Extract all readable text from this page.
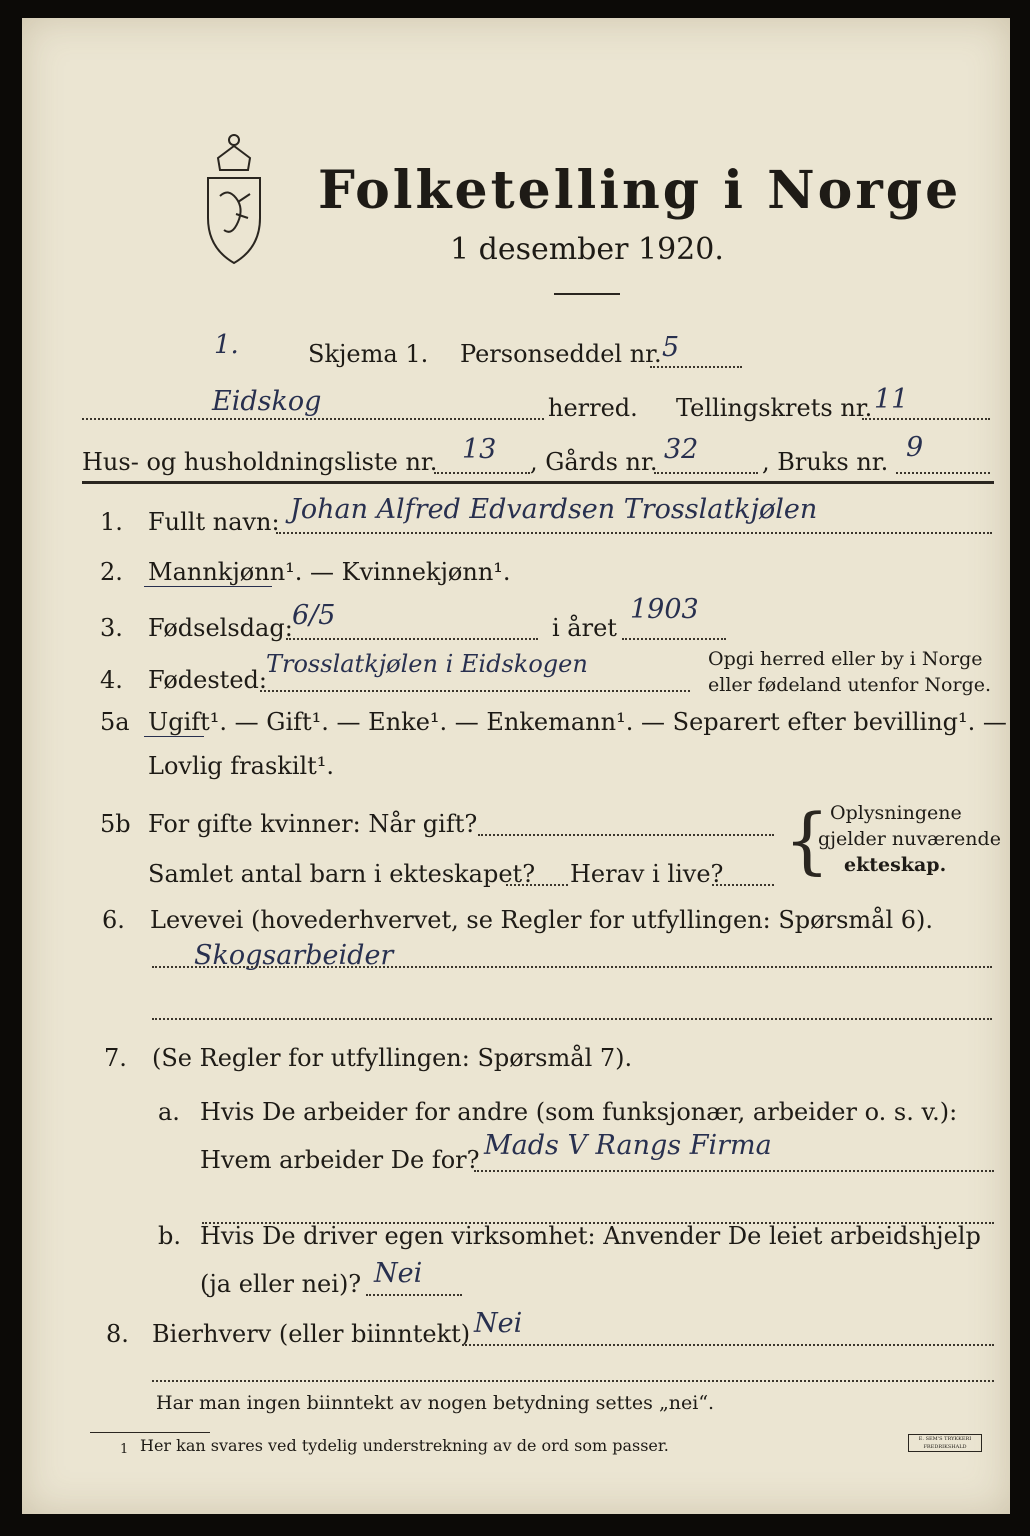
Folketelling i Norge
1 desember 1920.
1.	Skjema 1. Personseddel nr. 5
Eidskog	herred. Tellingskrets nr. 11
Hus- og husholdningsliste nr. 13 , Gårds nr. 32	, Bruks nr. 9
1. Fullt navn: Johan Alfred Edvardsen Trosslatkjølen
2. Mannkjønn¹. — Kvinnekjønn¹.
3. Fødselsdag: 6/5	i året
1903
4. Fødested:
Trosslatkjølen i Eidskogen	Opgi herred eller by i Norge
eller fødeland utenfor Norge.
5a Ugift¹. — Gift¹. — Enke¹. — Enkemann¹. — Separert efter bevilling¹. —
Lovlig fraskilt¹.
5b For gifte kvinner: Når gift?
Samlet antal barn i ekteskapet? Herav i live? { Oplysningene
gjelder nuværende
ekteskap.
6. Levevei (hovederhvervet, se Regler for utfyllingen: Spørsmål 6).
Skogsarbeider
7. (Se Regler for utfyllingen: Spørsmål 7).
a. Hvis De arbeider for andre (som funksjonær, arbeider o. s. v.):
Hvem arbeider De for? Mads V Rangs Firma
b. Hvis De driver egen virksomhet: Anvender De leiet arbeidshjelp
(ja eller nei)? Nei
8. Bierhverv (eller biinntekt) Nei
Har man ingen biinntekt av nogen betydning settes „nei“.
1 Her kan svares ved tydelig understrekning av de ord som passer.	E. SEM'S TRYKKERI FREDRIKSHALD
